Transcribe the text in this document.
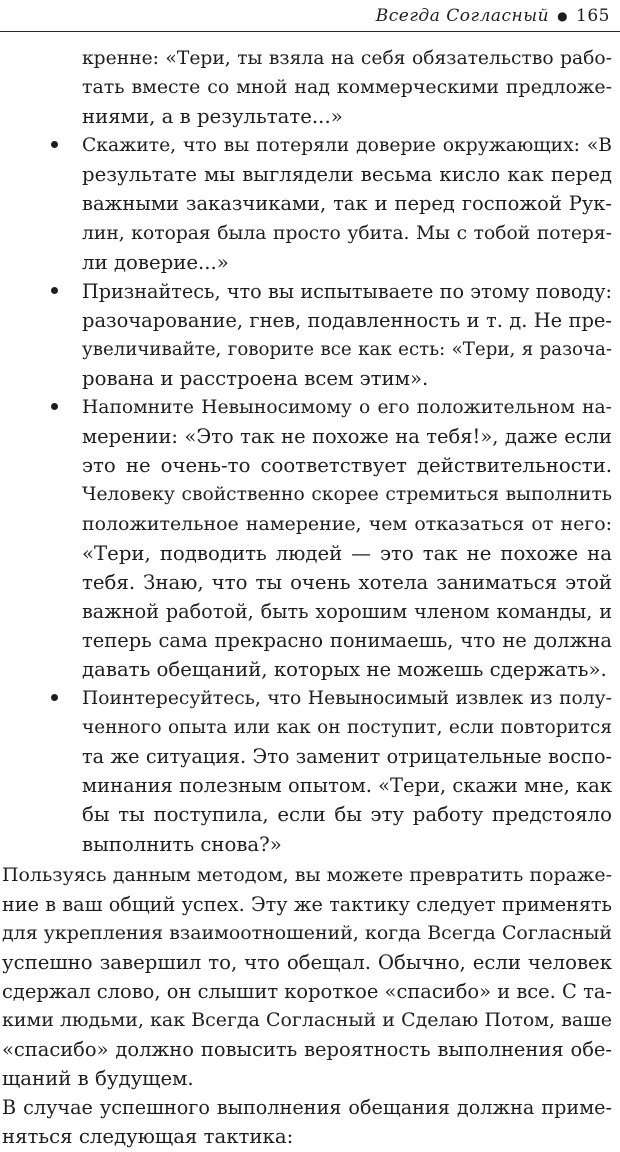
Всегда Согласный ● 165
кренне: «Тери, ты взяла на себя обязательство рабо-
тать вместе со мной над коммерческими предложе-
ниями, а в результате...»
Скажите, что вы потеряли доверие окружающих: «В
результате мы выглядели весьма кисло как перед
важными заказчиками, так и перед госпожой Рук-
лин, которая была просто убита. Мы с тобой потеря-
ли доверие...»
Признайтесь, что вы испытываете по этому поводу:
разочарование, гнев, подавленность и т. д. Не пре-
увеличивайте, говорите все как есть: «Тери, я разоча-
рована и расстроена всем этим».
Напомните Невыносимому о его положительном на-
мерении: «Это так не похоже на тебя!», даже если
это не очень-то соответствует действительности.
Человеку свойственно скорее стремиться выполнить
положительное намерение, чем отказаться от него:
«Тери, подводить людей — это так не похоже на
тебя. Знаю, что ты очень хотела заниматься этой
важной работой, быть хорошим членом команды, и
теперь сама прекрасно понимаешь, что не должна
давать обещаний, которых не можешь сдержать».
Поинтересуйтесь, что Невыносимый извлек из полу-
ченного опыта или как он поступит, если повторится
та же ситуация. Это заменит отрицательные воспо-
минания полезным опытом. «Тери, скажи мне, как
бы ты поступила, если бы эту работу предстояло
выполнить снова?»
Пользуясь данным методом, вы можете превратить пораже-
ние в ваш общий успех. Эту же тактику следует применять
для укрепления взаимоотношений, когда Всегда Согласный
успешно завершил то, что обещал. Обычно, если человек
сдержал слово, он слышит короткое «спасибо» и все. С та-
кими людьми, как Всегда Согласный и Сделаю Потом, ваше
«спасибо» должно повысить вероятность выполнения обе-
щаний в будущем.
В случае успешного выполнения обещания должна приме-
няться следующая тактика:
